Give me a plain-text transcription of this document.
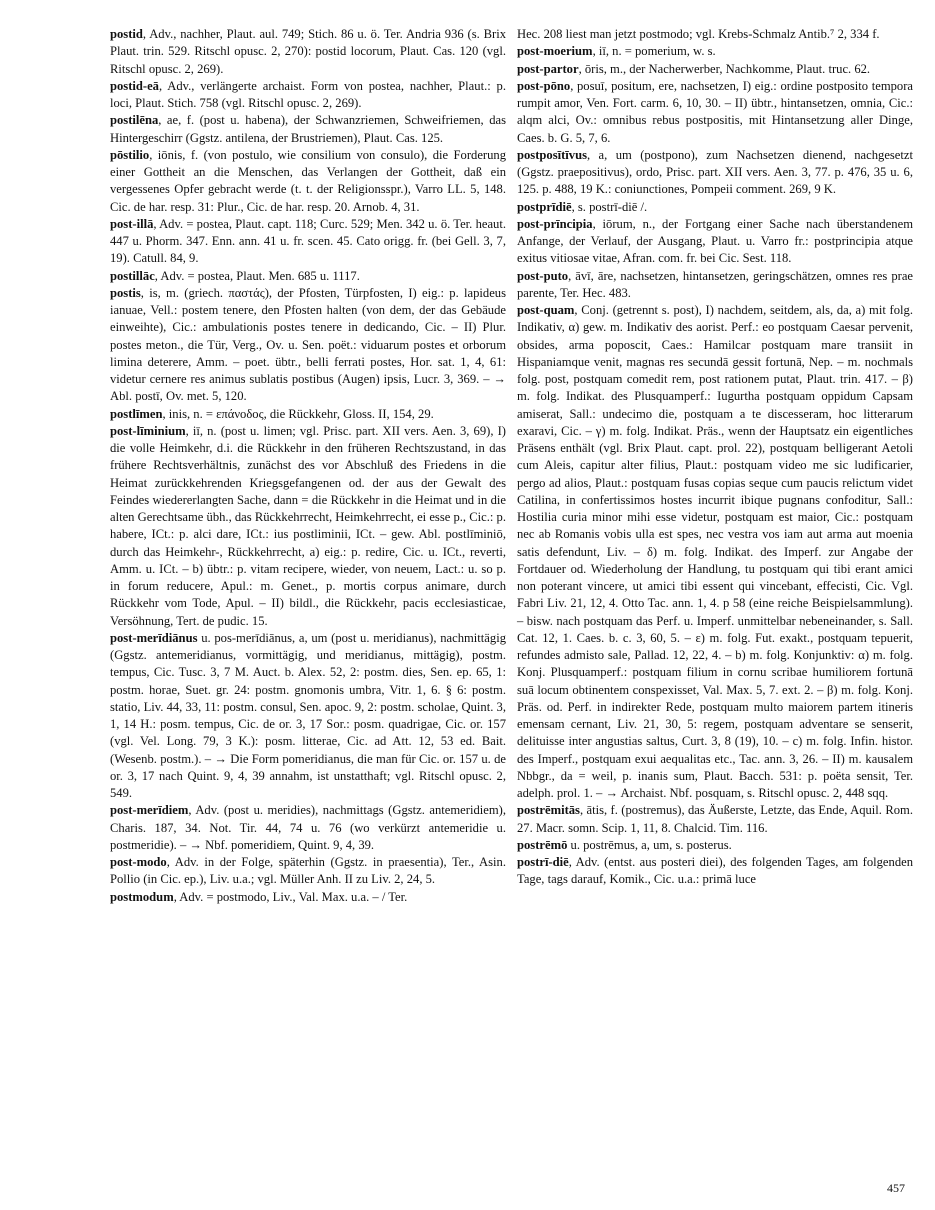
postid, Adv., nachher, Plaut. aul. 749; Stich. 86 u. ö. Ter. Andria 936 (s. Brix Plaut. trin. 529. Ritschl opusc. 2, 270): postid locorum, Plaut. Cas. 120 (vgl. Ritschl opusc. 2, 269).

postid-eā, Adv., verlängerte archaist. Form von postea, nachher, Plaut.: p. loci, Plaut. Stich. 758 (vgl. Ritschl opusc. 2, 269).

postilēna, ae, f. (post u. habena), der Schwanzriemen, Schweifriemen, das Hintergeschirr (Ggstz. antilena, der Brustriemen), Plaut. Cas. 125.

pōstilio, iōnis, f. (von postulo, wie consilium von consulo), die Forderung einer Gottheit an die Menschen, das Verlangen der Gottheit, daß ein vergessenes Opfer gebracht werde (t. t. der Religionsspr.), Varro LL. 5, 148. Cic. de har. resp. 31: Plur., Cic. de har. resp. 20. Arnob. 4, 31.

post-illā, Adv. = postea, Plaut. capt. 118; Curc. 529; Men. 342 u. ö. Ter. heaut. 447 u. Phorm. 347. Enn. ann. 41 u. fr. scen. 45. Cato origg. fr. (bei Gell. 3, 7, 19). Catull. 84, 9.

postillāc, Adv. = postea, Plaut. Men. 685 u. 1117.

postis, is, m. (griech. παστάς), der Pfosten, Türpfosten, I) eig.: p. lapideus ianuae, Vell.: postem tenere, den Pfosten halten (von dem, der das Gebäude einweihte), Cic.: ambulationis postes tenere in dedicando, Cic. – II) Plur. postes meton., die Tür, Verg., Ov. u. Sen. poët.: viduarum postes et orborum limina deterere, Amm. – poet. übtr., belli ferrati postes, Hor. sat. 1, 4, 61: videtur cernere res animus sublatis postibus (Augen) ipsis, Lucr. 3, 369. – → Abl. postī, Ov. met. 5, 120.

postlīmen, inis, n. = επάνοδος, die Rückkehr, Gloss. II, 154, 29.

post-līminium, iī, n. (post u. limen; vgl. Prisc. part. XII vers. Aen. 3, 69), I) die volle Heimkehr, d.i. die Rückkehr in den früheren Rechtszustand, in das frühere Rechtsverhältnis, zunächst des vor Abschluß des Friedens in die Heimat zurückkehrenden Kriegsgefangenen od. der aus der Gewalt des Feindes wiedererlangten Sache, dann = die Rückkehr in die Heimat und in die alten Gerechtsame übh., das Rückkehrrecht, Heimkehrrecht, ei esse p., Cic.: p. habere, ICt.: p. alci dare, ICt.: ius postliminii, ICt. – gew. Abl. postlīminiō, durch das Heimkehr-, Rückkehrrecht, a) eig.: p. redire, Cic. u. ICt., reverti, Amm. u. ICt. – b) übtr.: p. vitam recipere, wieder, von neuem, Lact.: u. so p. in forum reducere, Apul.: m. Genet., p. mortis corpus animare, durch Rückkehr vom Tode, Apul. – II) bildl., die Rückkehr, pacis ecclesiasticae, Versöhnung, Tert. de pudic. 15.

post-merīdiānus u. pos-merīdiānus, a, um (post u. meridianus), nachmittägig (Ggstz. antemeridianus, vormittägig, und meridianus, mittägig), postm. tempus, Cic. Tusc. 3, 7 M. Auct. b. Alex. 52, 2: postm. dies, Sen. ep. 65, 1: postm. horae, Suet. gr. 24: postm. gnomonis umbra, Vitr. 1, 6. § 6: postm. statio, Liv. 44, 33, 11: postm. consul, Sen. apoc. 9, 2: postm. scholae, Quint. 3, 1, 14 H.: posm. tempus, Cic. de or. 3, 17 Sor.: posm. quadrigae, Cic. or. 157 (vgl. Vel. Long. 79, 3 K.): posm. litterae, Cic. ad Att. 12, 53 ed. Bait. (Wesenb. postm.). – → Die Form pomeridianus, die man für Cic. or. 157 u. de or. 3, 17 nach Quint. 9, 4, 39 annahm, ist unstatthaft; vgl. Ritschl opusc. 2, 549.

post-merīdiem, Adv. (post u. meridies), nachmittags (Ggstz. antemeridiem), Charis. 187, 34. Not. Tir. 44, 74 u. 76 (wo verkürzt antemeridie u. postmeridie). – → Nbf. pomeridiem, Quint. 9, 4, 39.

post-modo, Adv. in der Folge, späterhin (Ggstz. in praesentia), Ter., Asin. Pollio (in Cic. ep.), Liv. u.a.; vgl. Müller Anh. II zu Liv. 2, 24, 5.

postmodum, Adv. = postmodo, Liv., Val. Max. u.a. – / Ter.

Hec. 208 liest man jetzt postmodo; vgl. Krebs-Schmalz Antib.⁷ 2, 334 f.

post-moerium, iī, n. = pomerium, w. s.

post-partor, ōris, m., der Nacherwerber, Nachkomme, Plaut. truc. 62.

post-pōno, posuī, positum, ere, nachsetzen, I) eig.: ordine postposito tempora rumpit amor, Ven. Fort. carm. 6, 10, 30. – II) übtr., hintansetzen, omnia, Cic.: alqm alci, Ov.: omnibus rebus postpositis, mit Hintansetzung aller Dinge, Caes. b. G. 5, 7, 6.

postposītīvus, a, um (postpono), zum Nachsetzen dienend, nachgesetzt (Ggstz. praepositivus), ordo, Prisc. part. XII vers. Aen. 3, 77. p. 476, 35 u. 6, 125. p. 488, 19 K.: coniunctiones, Pompeii comment. 269, 9 K.

postprīdiē, s. postrī-diē /.

post-prīncipia, iōrum, n., der Fortgang einer Sache nach überstandenem Anfange, der Verlauf, der Ausgang, Plaut. u. Varro fr.: postprincipia atque exitus vitiosae vitae, Afran. com. fr. bei Cic. Sest. 118.

post-puto, āvī, āre, nachsetzen, hintansetzen, geringschätzen, omnes res prae parente, Ter. Hec. 483.

post-quam, Conj. (getrennt s. post), I) nachdem, seitdem, als, da, a) mit folg. Indikativ, α) gew. m. Indikativ des aorist. Perf.: eo postquam Caesar pervenit, obsides, arma poposcit, Caes.: Hamilcar postquam mare transiit in Hispaniamque venit, magnas res secundā gessit fortunā, Nep. – m. nochmals folg. post, postquam comedit rem, post rationem putat, Plaut. trin. 417. – β) m. folg. Indikat. des Plusquamperf.: Iugurtha postquam oppidum Capsam amiserat, Sall.: undecimo die, postquam a te discesseram, hoc litterarum exaravi, Cic. – γ) m. folg. Indikat. Präs., wenn der Hauptsatz ein eigentliches Präsens enthält (vgl. Brix Plaut. capt. prol. 22), postquam belligerant Aetoli cum Aleis, capitur alter filius, Plaut.: postquam video me sic ludificarier, pergo ad alios, Plaut.: postquam fusas copias seque cum paucis relictum videt Catilina, in confertissimos hostes incurrit ibique pugnans confoditur, Sall.: Hostilia curia minor mihi esse videtur, postquam est maior, Cic.: postquam nec ab Romanis vobis ulla est spes, nec vestra vos iam aut arma aut moenia satis defendunt, Liv. – δ) m. folg. Indikat. des Imperf. zur Angabe der Fortdauer od. Wiederholung der Handlung, tu postquam qui tibi erant amici non poterant vincere, ut amici tibi essent qui vincebant, effecisti, Cic. Vgl. Fabri Liv. 21, 12, 4. Otto Tac. ann. 1, 4. p 58 (eine reiche Beispielsammlung). – bisw. nach postquam das Perf. u. Imperf. unmittelbar nebeneinander, s. Sall. Cat. 12, 1. Caes. b. c. 3, 60, 5. – ε) m. folg. Fut. exakt., postquam tepuerit, refundes admisto sale, Pallad. 12, 22, 4. – b) m. folg. Konjunktiv: α) m. folg. Konj. Plusquamperf.: postquam filium in cornu scribae humiliorem fortunā suā locum obtinentem conspexisset, Val. Max. 5, 7. ext. 2. – β) m. folg. Konj. Präs. od. Perf. in indirekter Rede, postquam multo maiorem partem itineris emensam cernant, Liv. 21, 30, 5: regem, postquam adventare se senserit, delituisse inter angustias saltus, Curt. 3, 8 (19), 10. – c) m. folg. Infin. histor. des Imperf., postquam exui aequalitas etc., Tac. ann. 3, 26. – II) m. kausalem Nbbgr., da = weil, p. inanis sum, Plaut. Bacch. 531: p. poëta sensit, Ter. adelph. prol. 1. – → Archaist. Nbf. posquam, s. Ritschl opusc. 2, 448 sqq.

postrēmitās, ātis, f. (postremus), das Äußerste, Letzte, das Ende, Aquil. Rom. 27. Macr. somn. Scip. 1, 11, 8. Chalcid. Tim. 116.

postrēmō u. postrēmus, a, um, s. posterus.

postrī-diē, Adv. (entst. aus posteri diei), des folgenden Tages, am folgenden Tage, tags darauf, Komik., Cic. u.a.: primā luce

457
